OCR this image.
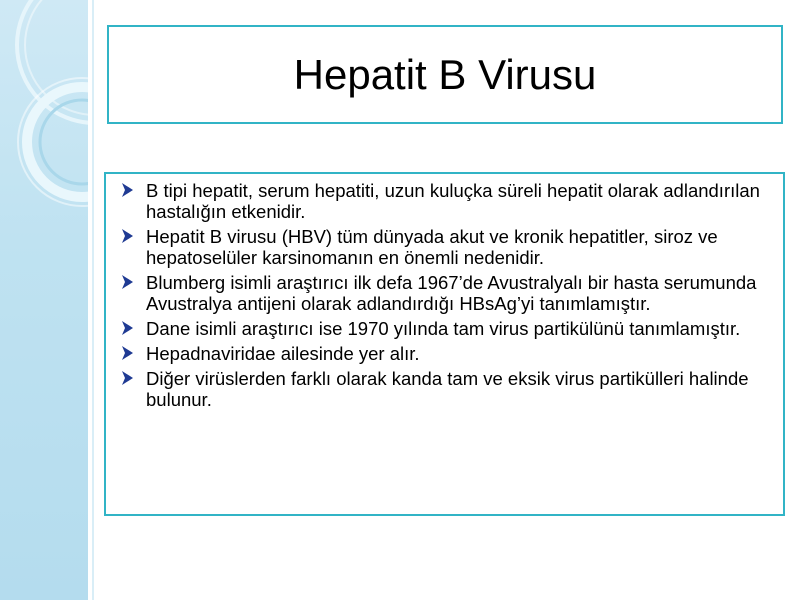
Hepatit B Virusu
B tipi hepatit, serum hepatiti, uzun kuluçka süreli hepatit olarak adlandırılan hastalığın etkenidir.
Hepatit B virusu (HBV) tüm dünyada akut ve kronik hepatitler, siroz ve hepatoselüler karsinomanın en önemli nedenidir.
Blumberg isimli araştırıcı ilk defa 1967’de Avustralyalı bir hasta serumunda Avustralya antijeni olarak adlandırdığı HBsAg’yi tanımlamıştır.
Dane isimli araştırıcı ise 1970 yılında tam virus partikülünü tanımlamıştır.
Hepadnaviridae ailesinde yer alır.
Diğer virüslerden farklı olarak kanda tam ve eksik virus partikülleri halinde bulunur.
